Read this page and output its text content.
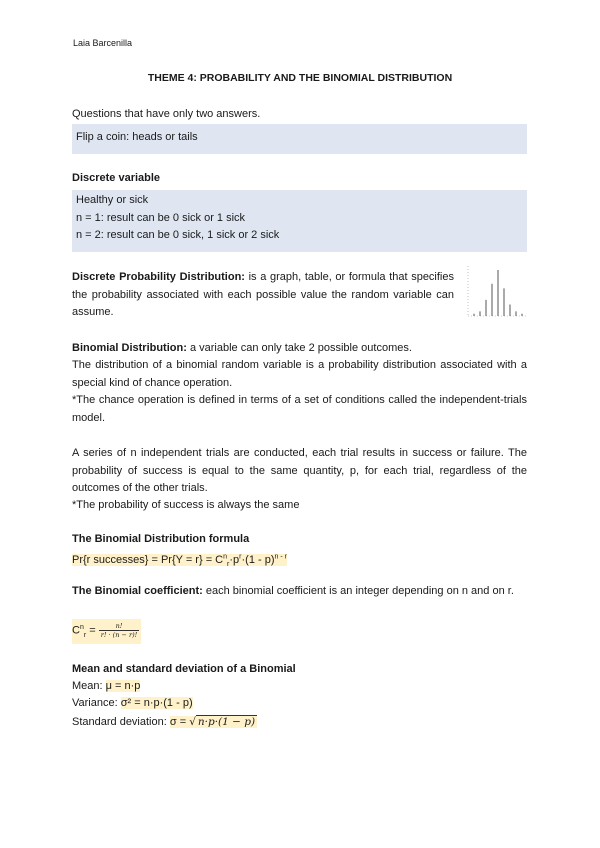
Laia Barcenilla
THEME 4: PROBABILITY AND THE BINOMIAL DISTRIBUTION
Questions that have only two answers.
Flip a coin: heads or tails
Discrete variable
Healthy or sick
n = 1: result can be 0 sick or 1 sick
n = 2: result can be 0 sick, 1 sick or 2 sick
Discrete Probability Distribution: is a graph, table, or formula that specifies the probability associated with each possible value the random variable can assume.
Binomial Distribution: a variable can only take 2 possible outcomes.
The distribution of a binomial random variable is a probability distribution associated with a special kind of chance operation.
*The chance operation is defined in terms of a set of conditions called the independent-trials model.
A series of n independent trials are conducted, each trial results in success or failure. The probability of success is equal to the same quantity, p, for each trial, regardless of the outcomes of the other trials.
*The probability of success is always the same
The Binomial Distribution formula
Pr{r successes} = $Pr\{Y = r\} = C^n_r\cdot p^r\cdot(1 - p)^{n - r}$
The Binomial coefficient: each binomial coefficient is an integer depending on n and on r.
$C^n_r = \frac{n!}{r! \cdot (n - r)!}$
Mean and standard deviation of a Binomial
Mean: μ = n·p
Variance: σ² = n·p·(1 - p)
Standard deviation: σ = √ n·p·(1 − p)
